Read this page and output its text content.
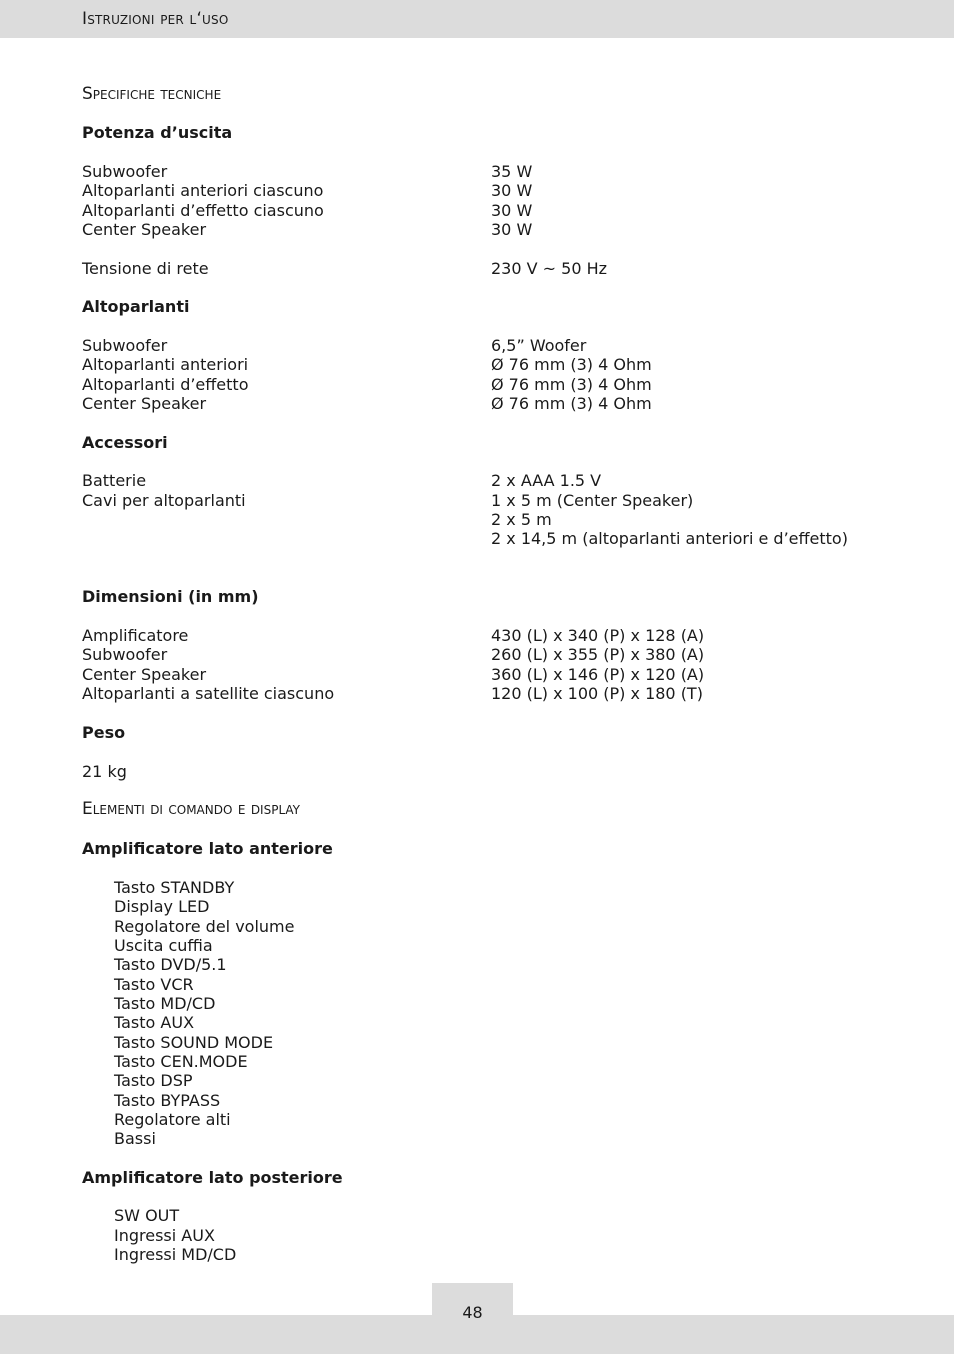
Istruzioni per l‘uso
Specifiche tecniche
Potenza d’uscita
Subwoofer	35 W
Altoparlanti anteriori ciascuno	30 W
Altoparlanti d’effetto ciascuno	30 W
Center Speaker	30 W
Tensione di rete	230 V ~ 50 Hz
Altoparlanti
Subwoofer	6,5” Woofer
Altoparlanti anteriori	Ø 76 mm (3) 4 Ohm
Altoparlanti d’effetto	Ø 76 mm (3) 4 Ohm
Center Speaker	Ø 76 mm (3) 4 Ohm
Accessori
Batterie	2 x AAA 1.5 V
Cavi per altoparlanti	1 x 5 m (Center Speaker)
2 x 5 m
2 x 14,5 m (altoparlanti anteriori e d’effetto)
Dimensioni (in mm)
Amplificatore	430 (L) x 340 (P) x 128 (A)
Subwoofer	260 (L) x 355 (P) x 380 (A)
Center Speaker	360 (L) x 146 (P) x 120 (A)
Altoparlanti a satellite ciascuno	120 (L) x 100 (P) x 180 (T)
Peso
21 kg
Elementi di comando e display
Amplificatore lato anteriore
Tasto STANDBY
Display LED
Regolatore del volume
Uscita cuffia
Tasto DVD/5.1
Tasto VCR
Tasto MD/CD
Tasto AUX
Tasto SOUND MODE
Tasto CEN.MODE
Tasto DSP
Tasto BYPASS
Regolatore alti
Bassi
Amplificatore lato posteriore
SW OUT
Ingressi AUX
Ingressi MD/CD
48
